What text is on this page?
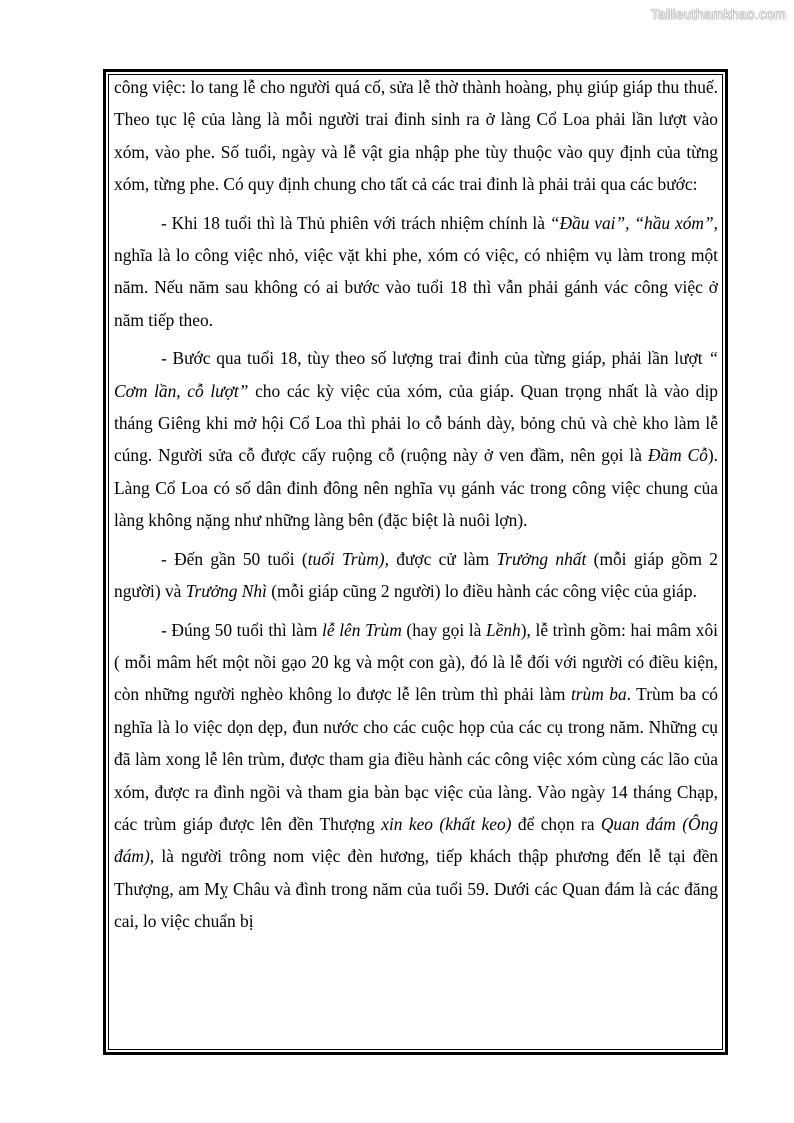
Tailieuthamkhao.com

công việc: lo tang lễ cho người quá cố, sửa lễ thờ thành hoàng, phụ giúp giáp thu thuế. Theo tục lệ của làng là mỗi người trai đinh sinh ra ở làng Cổ Loa phải lần lượt vào xóm, vào phe. Số tuổi, ngày và lễ vật gia nhập phe tùy thuộc vào quy định của từng xóm, từng phe. Có quy định chung cho tất cả các trai đinh là phải trải qua các bước:

- Khi 18 tuổi thì là Thủ phiên với trách nhiệm chính là “Đầu vai”, “hầu xóm”, nghĩa là lo công việc nhỏ, việc vặt khi phe, xóm có việc, có nhiệm vụ làm trong một năm. Nếu năm sau không có ai bước vào tuổi 18 thì vẫn phải gánh vác công việc ở năm tiếp theo.

- Bước qua tuổi 18, tùy theo số lượng trai đinh của từng giáp, phải lần lượt “ Cơm lần, cỗ lượt” cho các kỳ việc của xóm, của giáp. Quan trọng nhất là vào dịp tháng Giêng khi mở hội Cổ Loa thì phải lo cỗ bánh dày, bỏng chủ và chè kho làm lễ cúng. Người sửa cỗ được cấy ruộng cỗ (ruộng này ở ven đầm, nên gọi là Đầm Cỗ). Làng Cổ Loa có số dân đinh đông nên nghĩa vụ gánh vác trong công việc chung của làng không nặng như những làng bên (đặc biệt là nuôi lợn).

- Đến gần 50 tuổi (tuổi Trùm), được cử làm Trưởng nhất (mỗi giáp gồm 2 người) và Trưởng Nhì (mỗi giáp cũng 2 người) lo điều hành các công việc của giáp.

- Đúng 50 tuổi thì làm lễ lên Trùm (hay gọi là Lềnh), lễ trình gồm: hai mâm xôi ( mỗi mâm hết một nồi gạo 20 kg và một con gà), đó là lễ đối với người có điều kiện, còn những người nghèo không lo được lễ lên trùm thì phải làm trùm ba. Trùm ba có nghĩa là lo việc dọn dẹp, đun nước cho các cuộc họp của các cụ trong năm. Những cụ đã làm xong lễ lên trùm, được tham gia điều hành các công việc xóm cùng các lão của xóm, được ra đình ngồi và tham gia bàn bạc việc của làng. Vào ngày 14 tháng Chạp, các trùm giáp được lên đền Thượng xin keo (khất keo) để chọn ra Quan đám (Ông đám), là người trông nom việc đèn hương, tiếp khách thập phương đến lễ tại đền Thượng, am Mỵ Châu và đình trong năm của tuổi 59. Dưới các Quan đám là các đăng cai, lo việc chuẩn bị
